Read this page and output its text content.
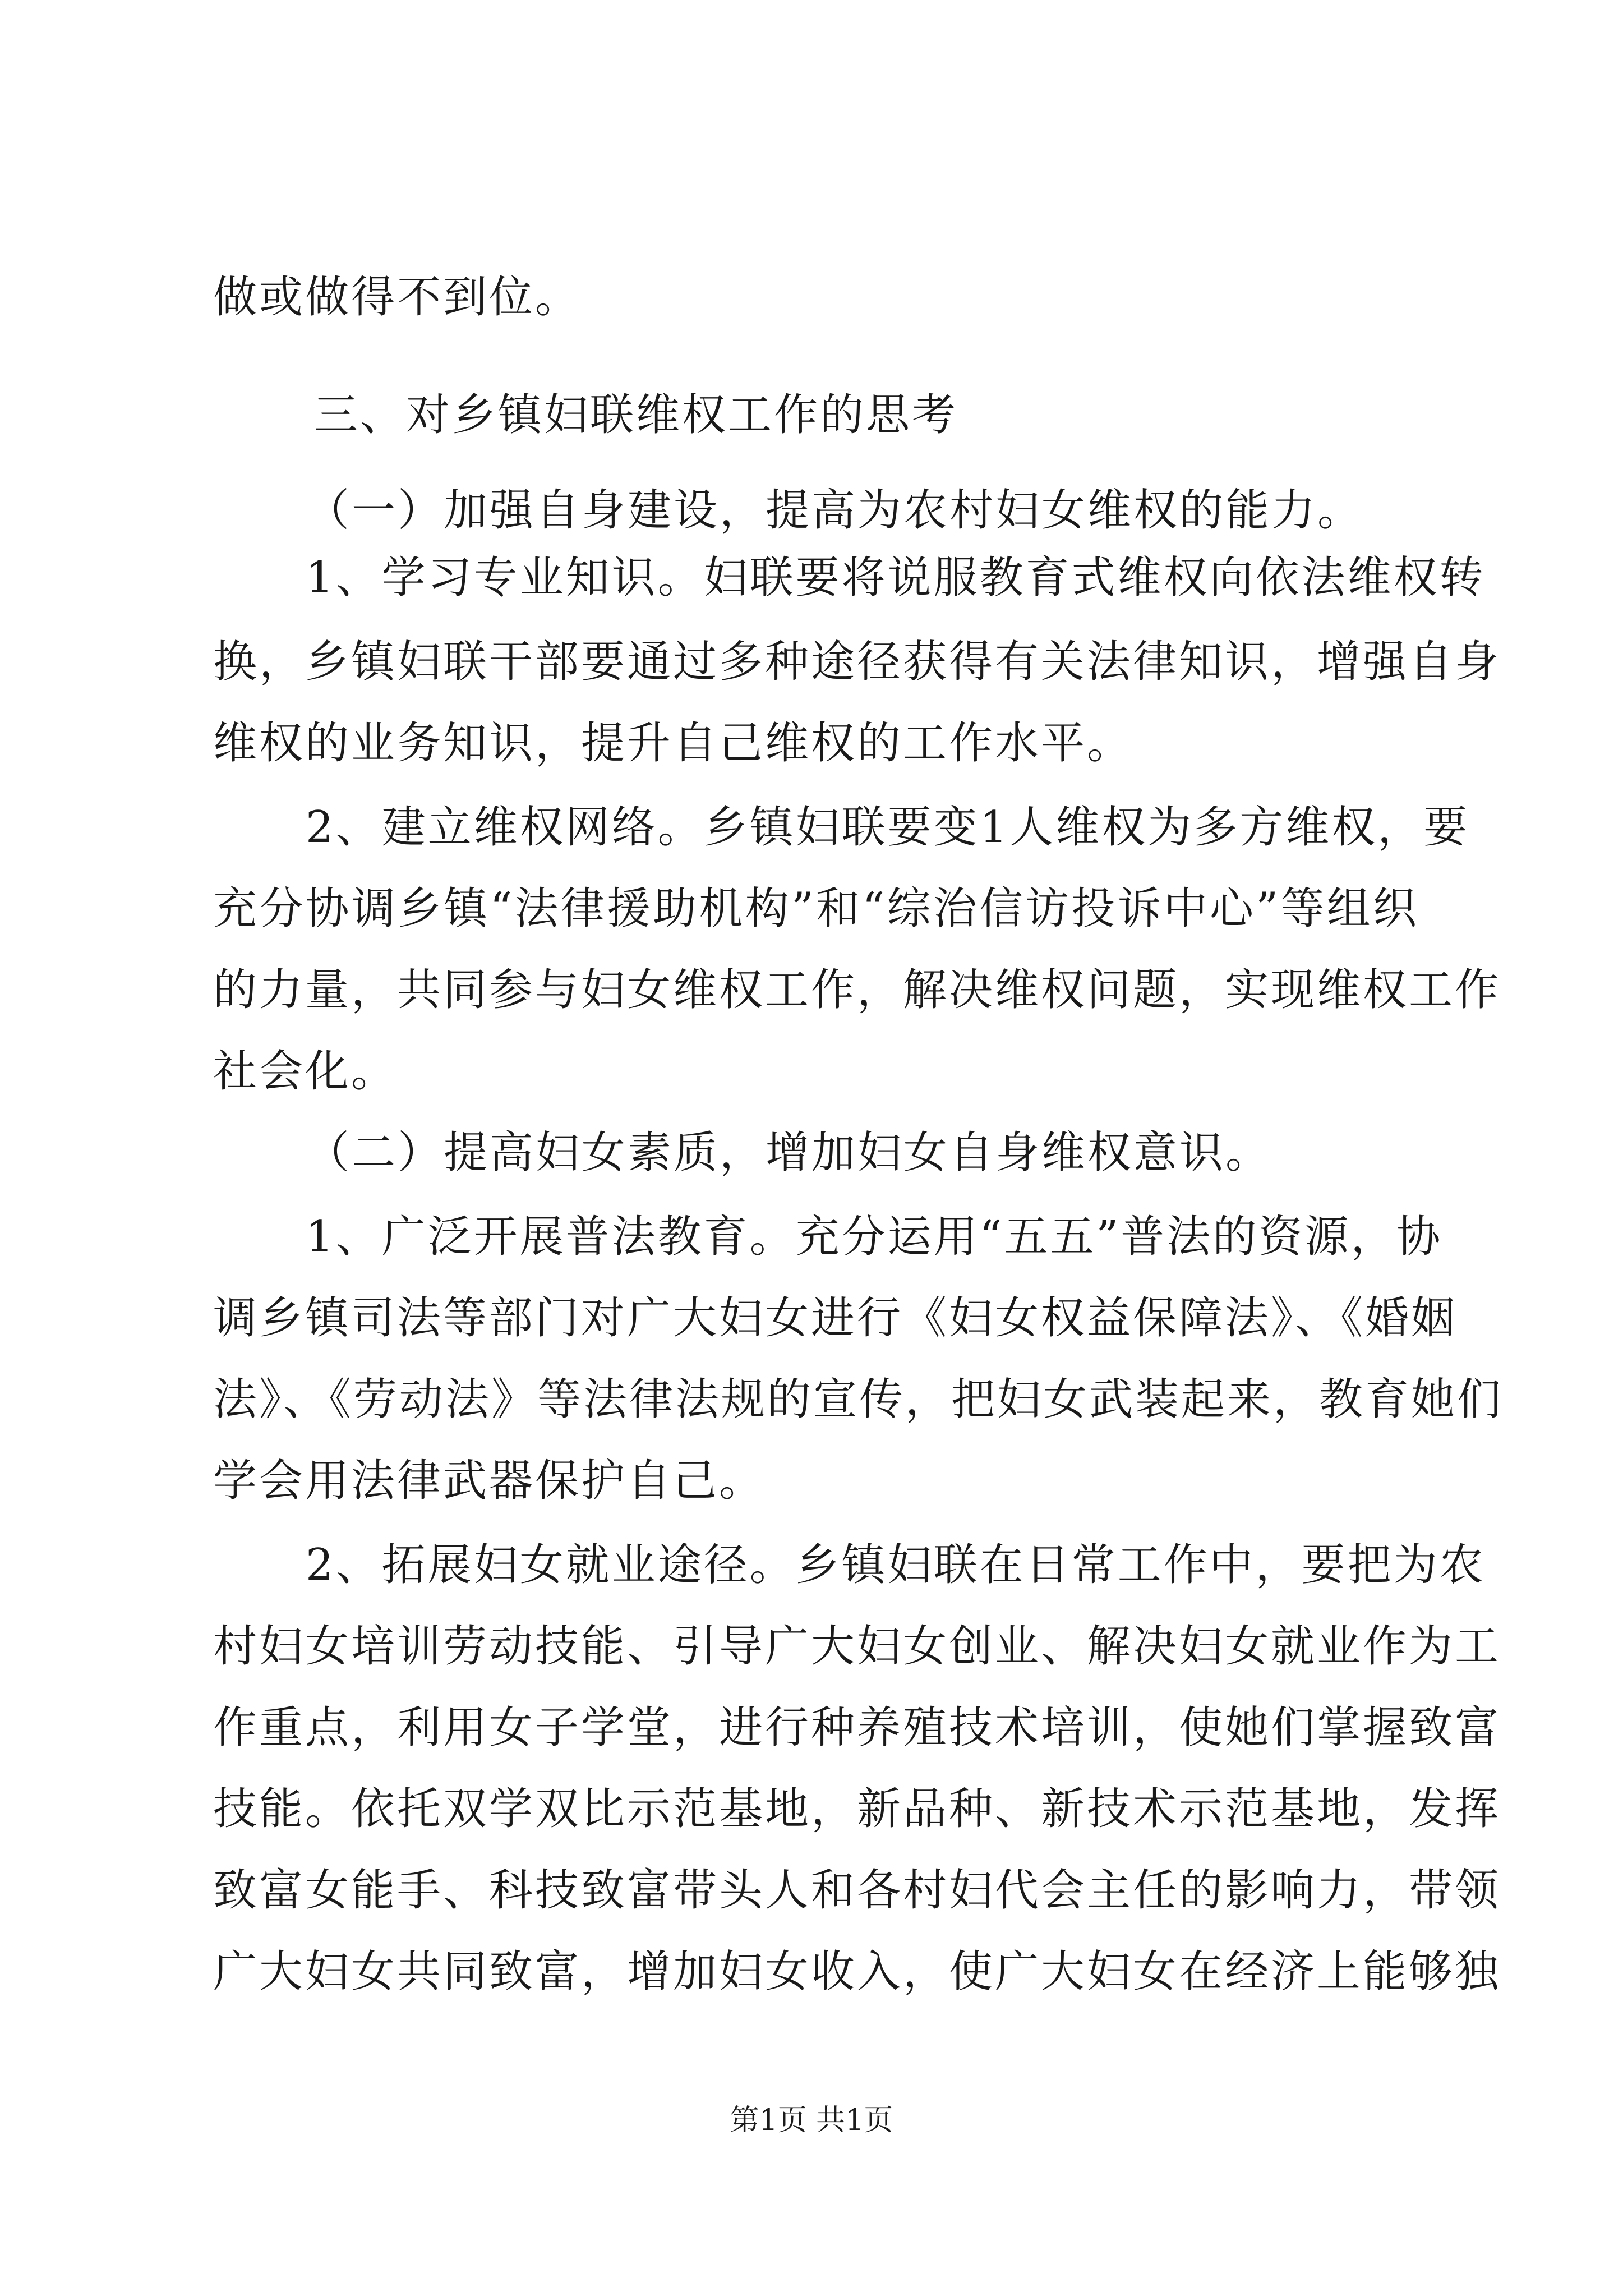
做或做得不到位。
三、对乡镇妇联维权工作的思考
（一）加强自身建设，提高为农村妇女维权的能力。
1、学习专业知识。妇联要将说服教育式维权向依法维权转
换，乡镇妇联干部要通过多种途径获得有关法律知识，增强自身
维权的业务知识，提升自己维权的工作水平。
2、建立维权网络。乡镇妇联要变1人维权为多方维权，要
充分协调乡镇“法律援助机构”和“综治信访投诉中心”等组织
的力量，共同参与妇女维权工作，解决维权问题，实现维权工作
社会化。
（二）提高妇女素质，增加妇女自身维权意识。
1、广泛开展普法教育。充分运用“五五”普法的资源，协
调乡镇司法等部门对广大妇女进行《妇女权益保障法》、《婚姻
法》、《劳动法》等法律法规的宣传，把妇女武装起来，教育她们
学会用法律武器保护自己。
2、拓展妇女就业途径。乡镇妇联在日常工作中，要把为农
村妇女培训劳动技能、引导广大妇女创业、解决妇女就业作为工
作重点，利用女子学堂，进行种养殖技术培训，使她们掌握致富
技能。依托双学双比示范基地，新品种、新技术示范基地，发挥
致富女能手、科技致富带头人和各村妇代会主任的影响力，带领
广大妇女共同致富，增加妇女收入，使广大妇女在经济上能够独
第1页 共1页
